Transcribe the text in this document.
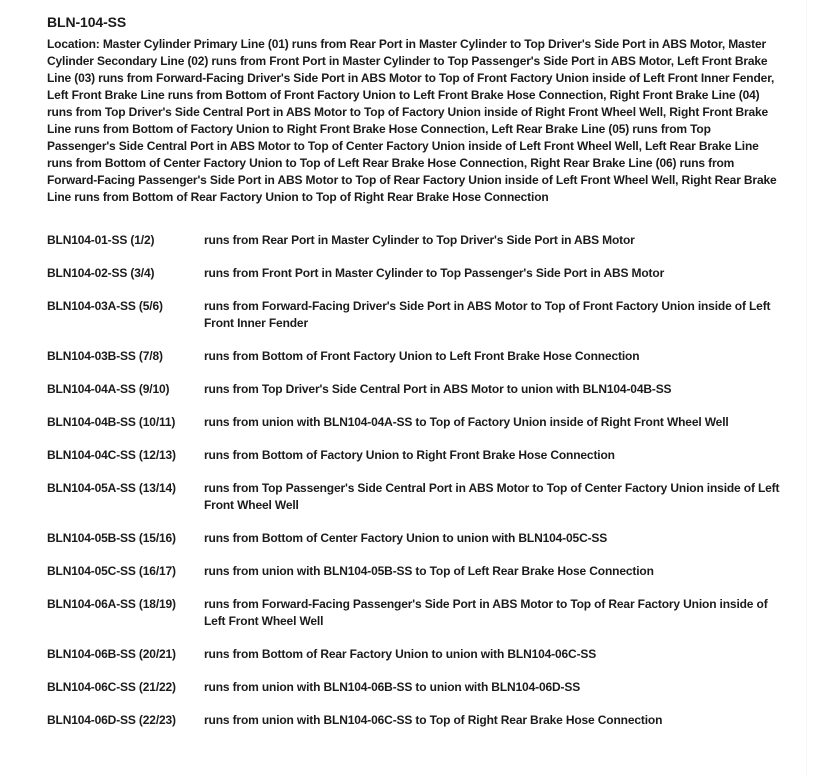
BLN-104-SS

Location: Master Cylinder Primary Line (01) runs from Rear Port in Master Cylinder to Top Driver's Side Port in ABS Motor, Master Cylinder Secondary Line (02) runs from Front Port in Master Cylinder to Top Passenger's Side Port in ABS Motor, Left Front Brake Line (03) runs from Forward-Facing Driver's Side Port in ABS Motor to Top of Front Factory Union inside of Left Front Inner Fender, Left Front Brake Line runs from Bottom of Front Factory Union to Left Front Brake Hose Connection, Right Front Brake Line (04) runs from Top Driver's Side Central Port in ABS Motor to Top of Factory Union inside of Right Front Wheel Well, Right Front Brake Line runs from Bottom of Factory Union to Right Front Brake Hose Connection, Left Rear Brake Line (05) runs from Top Passenger's Side Central Port in ABS Motor to Top of Center Factory Union inside of Left Front Wheel Well, Left Rear Brake Line runs from Bottom of Center Factory Union to Top of Left Rear Brake Hose Connection, Right Rear Brake Line (06) runs from Forward-Facing Passenger's Side Port in ABS Motor to Top of Rear Factory Union inside of Left Front Wheel Well, Right Rear Brake Line runs from Bottom of Rear Factory Union to Top of Right Rear Brake Hose Connection

BLN104-01-SS (1/2)	runs from Rear Port in Master Cylinder to Top Driver's Side Port in ABS Motor
BLN104-02-SS (3/4)	runs from Front Port in Master Cylinder to Top Passenger's Side Port in ABS Motor
BLN104-03A-SS (5/6)	runs from Forward-Facing Driver's Side Port in ABS Motor to Top of Front Factory Union inside of Left Front Inner Fender
BLN104-03B-SS (7/8)	runs from Bottom of Front Factory Union to Left Front Brake Hose Connection
BLN104-04A-SS (9/10)	runs from Top Driver's Side Central Port in ABS Motor to union with BLN104-04B-SS
BLN104-04B-SS (10/11)	runs from union with BLN104-04A-SS to Top of Factory Union inside of Right Front Wheel Well
BLN104-04C-SS (12/13)	runs from Bottom of Factory Union to Right Front Brake Hose Connection
BLN104-05A-SS (13/14)	runs from Top Passenger's Side Central Port in ABS Motor to Top of Center Factory Union inside of Left Front Wheel Well
BLN104-05B-SS (15/16)	runs from Bottom of Center Factory Union to union with BLN104-05C-SS
BLN104-05C-SS (16/17)	runs from union with BLN104-05B-SS to Top of Left Rear Brake Hose Connection
BLN104-06A-SS (18/19)	runs from Forward-Facing Passenger's Side Port in ABS Motor to Top of Rear Factory Union inside of Left Front Wheel Well
BLN104-06B-SS (20/21)	runs from Bottom of Rear Factory Union to union with BLN104-06C-SS
BLN104-06C-SS (21/22)	runs from union with BLN104-06B-SS to union with BLN104-06D-SS
BLN104-06D-SS (22/23)	runs from union with BLN104-06C-SS to Top of Right Rear Brake Hose Connection
